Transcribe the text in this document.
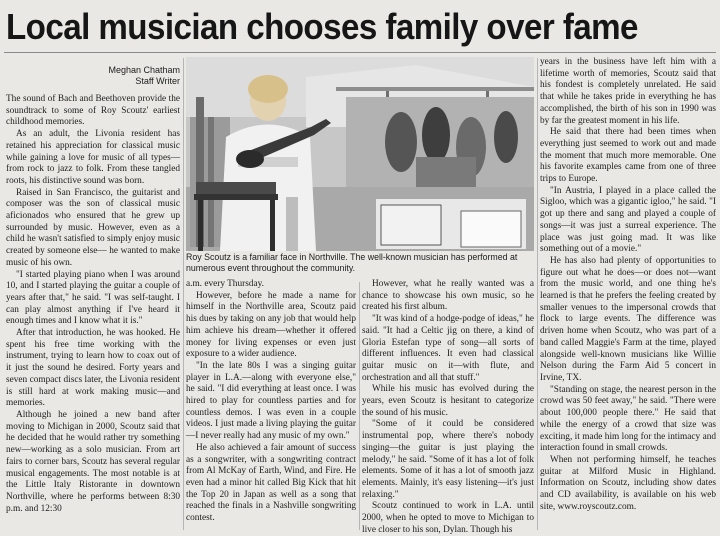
Local musician chooses family over fame
Meghan Chatham
Staff Writer

The sound of Bach and Beethoven provide the soundtrack to some of Roy Scoutz' earliest childhood memories.

As an adult, the Livonia resident has retained his appreciation for classical music while gaining a love for music of all types—from rock to jazz to folk. From these tangled roots, his distinctive sound was born.

Raised in San Francisco, the guitarist and composer was the son of classical music aficionados who ensured that he grew up surrounded by music. However, even as a child he wasn't satisfied to simply enjoy music created by someone else— he wanted to make music of his own.

"I started playing piano when I was around 10, and I started playing the guitar a couple of years after that," he said. "I was self-taught. I can play almost anything if I've heard it enough times and I know what it is."

After that introduction, he was hooked. He spent his free time working with the instrument, trying to learn how to coax out of it just the sound he desired. Forty years and seven compact discs later, the Livonia resident is still hard at work making music—and memories.

Although he joined a new band after moving to Michigan in 2000, Scoutz said that he decided that he would rather try something new—working as a solo musician. From art fairs to corner bars, Scoutz has several regular musical engagements. The most notable is at the Little Italy Ristorante in downtown Northville, where he performs between 8:30 p.m. and 12:30

Roy Scoutz is a familiar face in Northville. The well-known musician has performed at numerous event throughout the community.

a.m. every Thursday.

However, before he made a name for himself in the Northville area, Scoutz paid his dues by taking on any job that would help him achieve his dream—whether it offered money for living expenses or even just exposure to a wider audience.

"In the late 80s I was a singing guitar player in L.A.—along with everyone else," he said. "I did everything at least once. I was hired to play for countless parties and for countless demos. I was even in a couple videos. I just made a living playing the guitar—I never really had any music of my own."

He also achieved a fair amount of success as a songwriter, with a songwriting contract from Al McKay of Earth, Wind, and Fire. He even had a minor hit called Big Kick that hit the Top 20 in Japan as well as a song that reached the finals in a Nashville songwriting contest.

However, what he really wanted was a chance to showcase his own music, so he created his first album.

"It was kind of a hodge-podge of ideas," he said. "It had a Celtic jig on there, a kind of Gloria Estefan type of song—all sorts of different influences. It even had classical guitar music on it—with flute, and orchestration and all that stuff."

While his music has evolved during the years, even Scoutz is hesitant to categorize the sound of his music.

"Some of it could be considered instrumental pop, where there's nobody singing—the guitar is just playing the melody," he said. "Some of it has a lot of folk elements. Some of it has a lot of smooth jazz elements. Mainly, it's easy listening—it's just relaxing."

Scoutz continued to work in L.A. until 2000, when he opted to move to Michigan to live closer to his son, Dylan. Though his

years in the business have left him with a lifetime worth of memories, Scoutz said that his fondest is completely unrelated. He said that while he takes pride in everything he has accomplished, the birth of his son in 1990 was by far the greatest moment in his life.

He said that there had been times when everything just seemed to work out and made the moment that much more memorable. One his favorite examples came from one of three trips to Europe.

"In Austria, I played in a place called the Sigloo, which was a gigantic igloo," he said. "I got up there and sang and played a couple of songs—it was just a surreal experience. The place was just going mad. It was like something out of a movie."

He has also had plenty of opportunities to figure out what he does—or does not—want from the music world, and one thing he's learned is that he prefers the feeling created by smaller venues to the impersonal crowds that flock to large events. The difference was driven home when Scoutz, who was part of a band called Maggie's Farm at the time, played alongside well-known musicians like Willie Nelson during the Farm Aid 5 concert in Irvine, TX.

"Standing on stage, the nearest person in the crowd was 50 feet away," he said. "There were about 100,000 people there." He said that while the energy of a crowd that size was exciting, it made him long for the intimacy and interaction found in small crowds.

When not performing himself, he teaches guitar at Milford Music in Highland. Information on Scoutz, including show dates and CD availability, is available on his web site, www.royscoutz.com.
